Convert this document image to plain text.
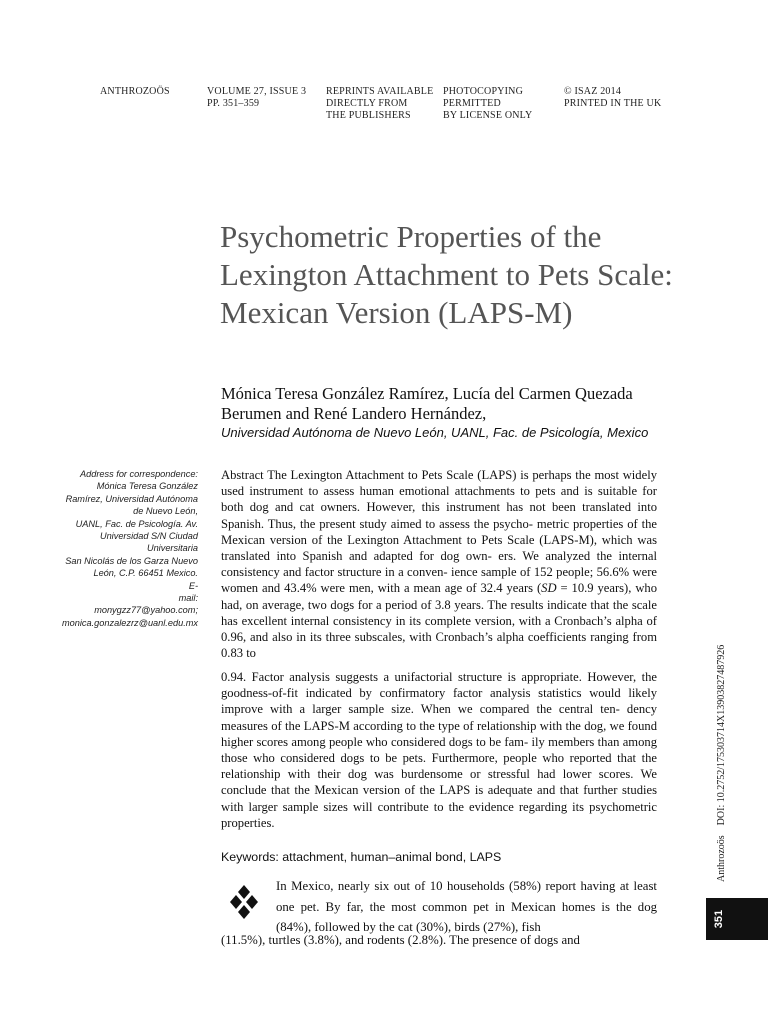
ANTHROZOÖS	VOLUME 27, ISSUE 3
PP. 351–359
REPRINTS AVAILABLE
DIRECTLY FROM
THE PUBLISHERS
PHOTOCOPYING
PERMITTED
BY LICENSE ONLY
© ISAZ 2014
PRINTED IN THE UK
Psychometric Properties of the Lexington Attachment to Pets Scale: Mexican Version (LAPS-M)
Mónica Teresa González Ramírez, Lucía del Carmen Quezada Berumen and René Landero Hernández,
Universidad Autónoma de Nuevo León, UANL, Fac. de Psicología, Mexico
Address for correspondence:
Mónica Teresa González
Ramírez, Universidad Autónoma
de Nuevo León,
UANL, Fac. de Psicología. Av.
Universidad S/N Ciudad
Universitaria
San Nicolás de los Garza Nuevo
León, C.P. 66451 Mexico.
E-
mail:
monygzz77@yahoo.com;
monica.gonzalezrz@uanl.edu.mx

Abstract The Lexington Attachment to Pets Scale (LAPS) is perhaps the most widely used instrument to assess human emotional attachments to pets and is suitable for both dog and cat owners. However, this instrument has not been translated into Spanish. Thus, the present study aimed to assess the psycho- metric properties of the Mexican version of the Lexington Attachment to Pets Scale (LAPS-M), which was translated into Spanish and adapted for dog own- ers. We analyzed the internal consistency and factor structure in a conven- ience sample of 152 people; 56.6% were women and 43.4% were men, with a mean age of 32.4 years (SD = 10.9 years), who had, on average, two dogs for a period of 3.8 years. The results indicate that the scale has excellent internal consistency in its complete version, with a Cronbach’s alpha of 0.96, and also in its three subscales, with Cronbach’s alpha coefficients ranging from 0.83 to

0.94. Factor analysis suggests a unifactorial structure is appropriate. However, the goodness-of-fit indicated by confirmatory factor analysis statistics would likely improve with a larger sample size. When we compared the central ten- dency measures of the LAPS-M according to the type of relationship with the dog, we found higher scores among people who considered dogs to be fam- ily members than among those who considered dogs to be pets. Furthermore, people who reported that the relationship with their dog was burdensome or stressful had lower scores. We conclude that the Mexican version of the LAPS is adequate and that further studies with larger sample sizes will contribute to the evidence regarding its psychometric properties.

Keywords: attachment, human–animal bond, LAPS
In Mexico, nearly six out of 10 households (58%) report having at least one pet. By far, the most common pet in Mexican homes is the dog (84%), followed by the cat (30%), birds (27%), fish
(11.5%), turtles (3.8%), and rodents (2.8%). The presence of dogs and
AnthrozoösDOI: 10.2752/175303714X13903827487926
351
